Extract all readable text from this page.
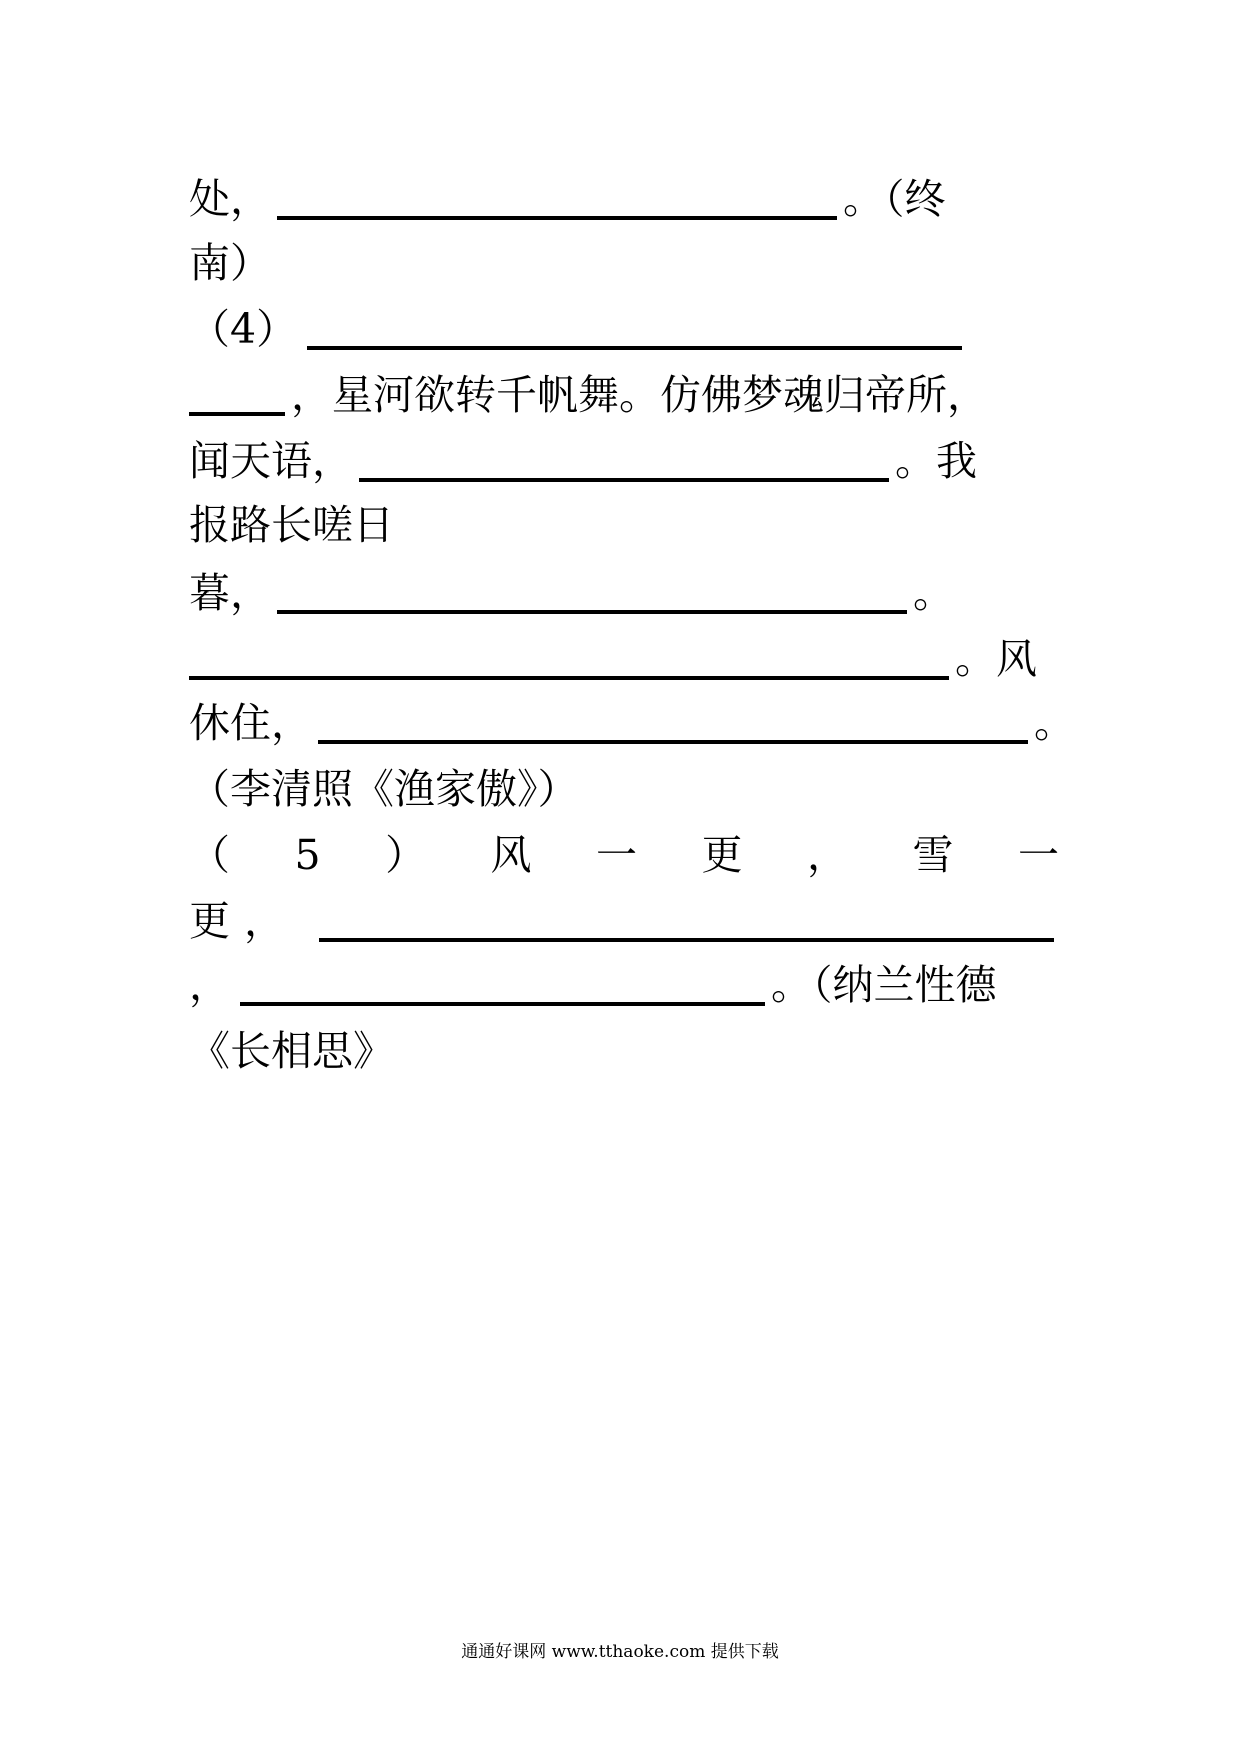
处，	。（终
南）
（4）
，星河欲转千帆舞。仿佛梦魂归帝所，
闻天语，	。我
报路长嗟日
暮，	。
。风
休住，	。
（李清照《渔家傲》）
（ 5 ） 风 一 更 ， 雪 一
更，
，	。（纳兰性德
《长相思》
通通好课网 www.tthaoke.com 提供下载
